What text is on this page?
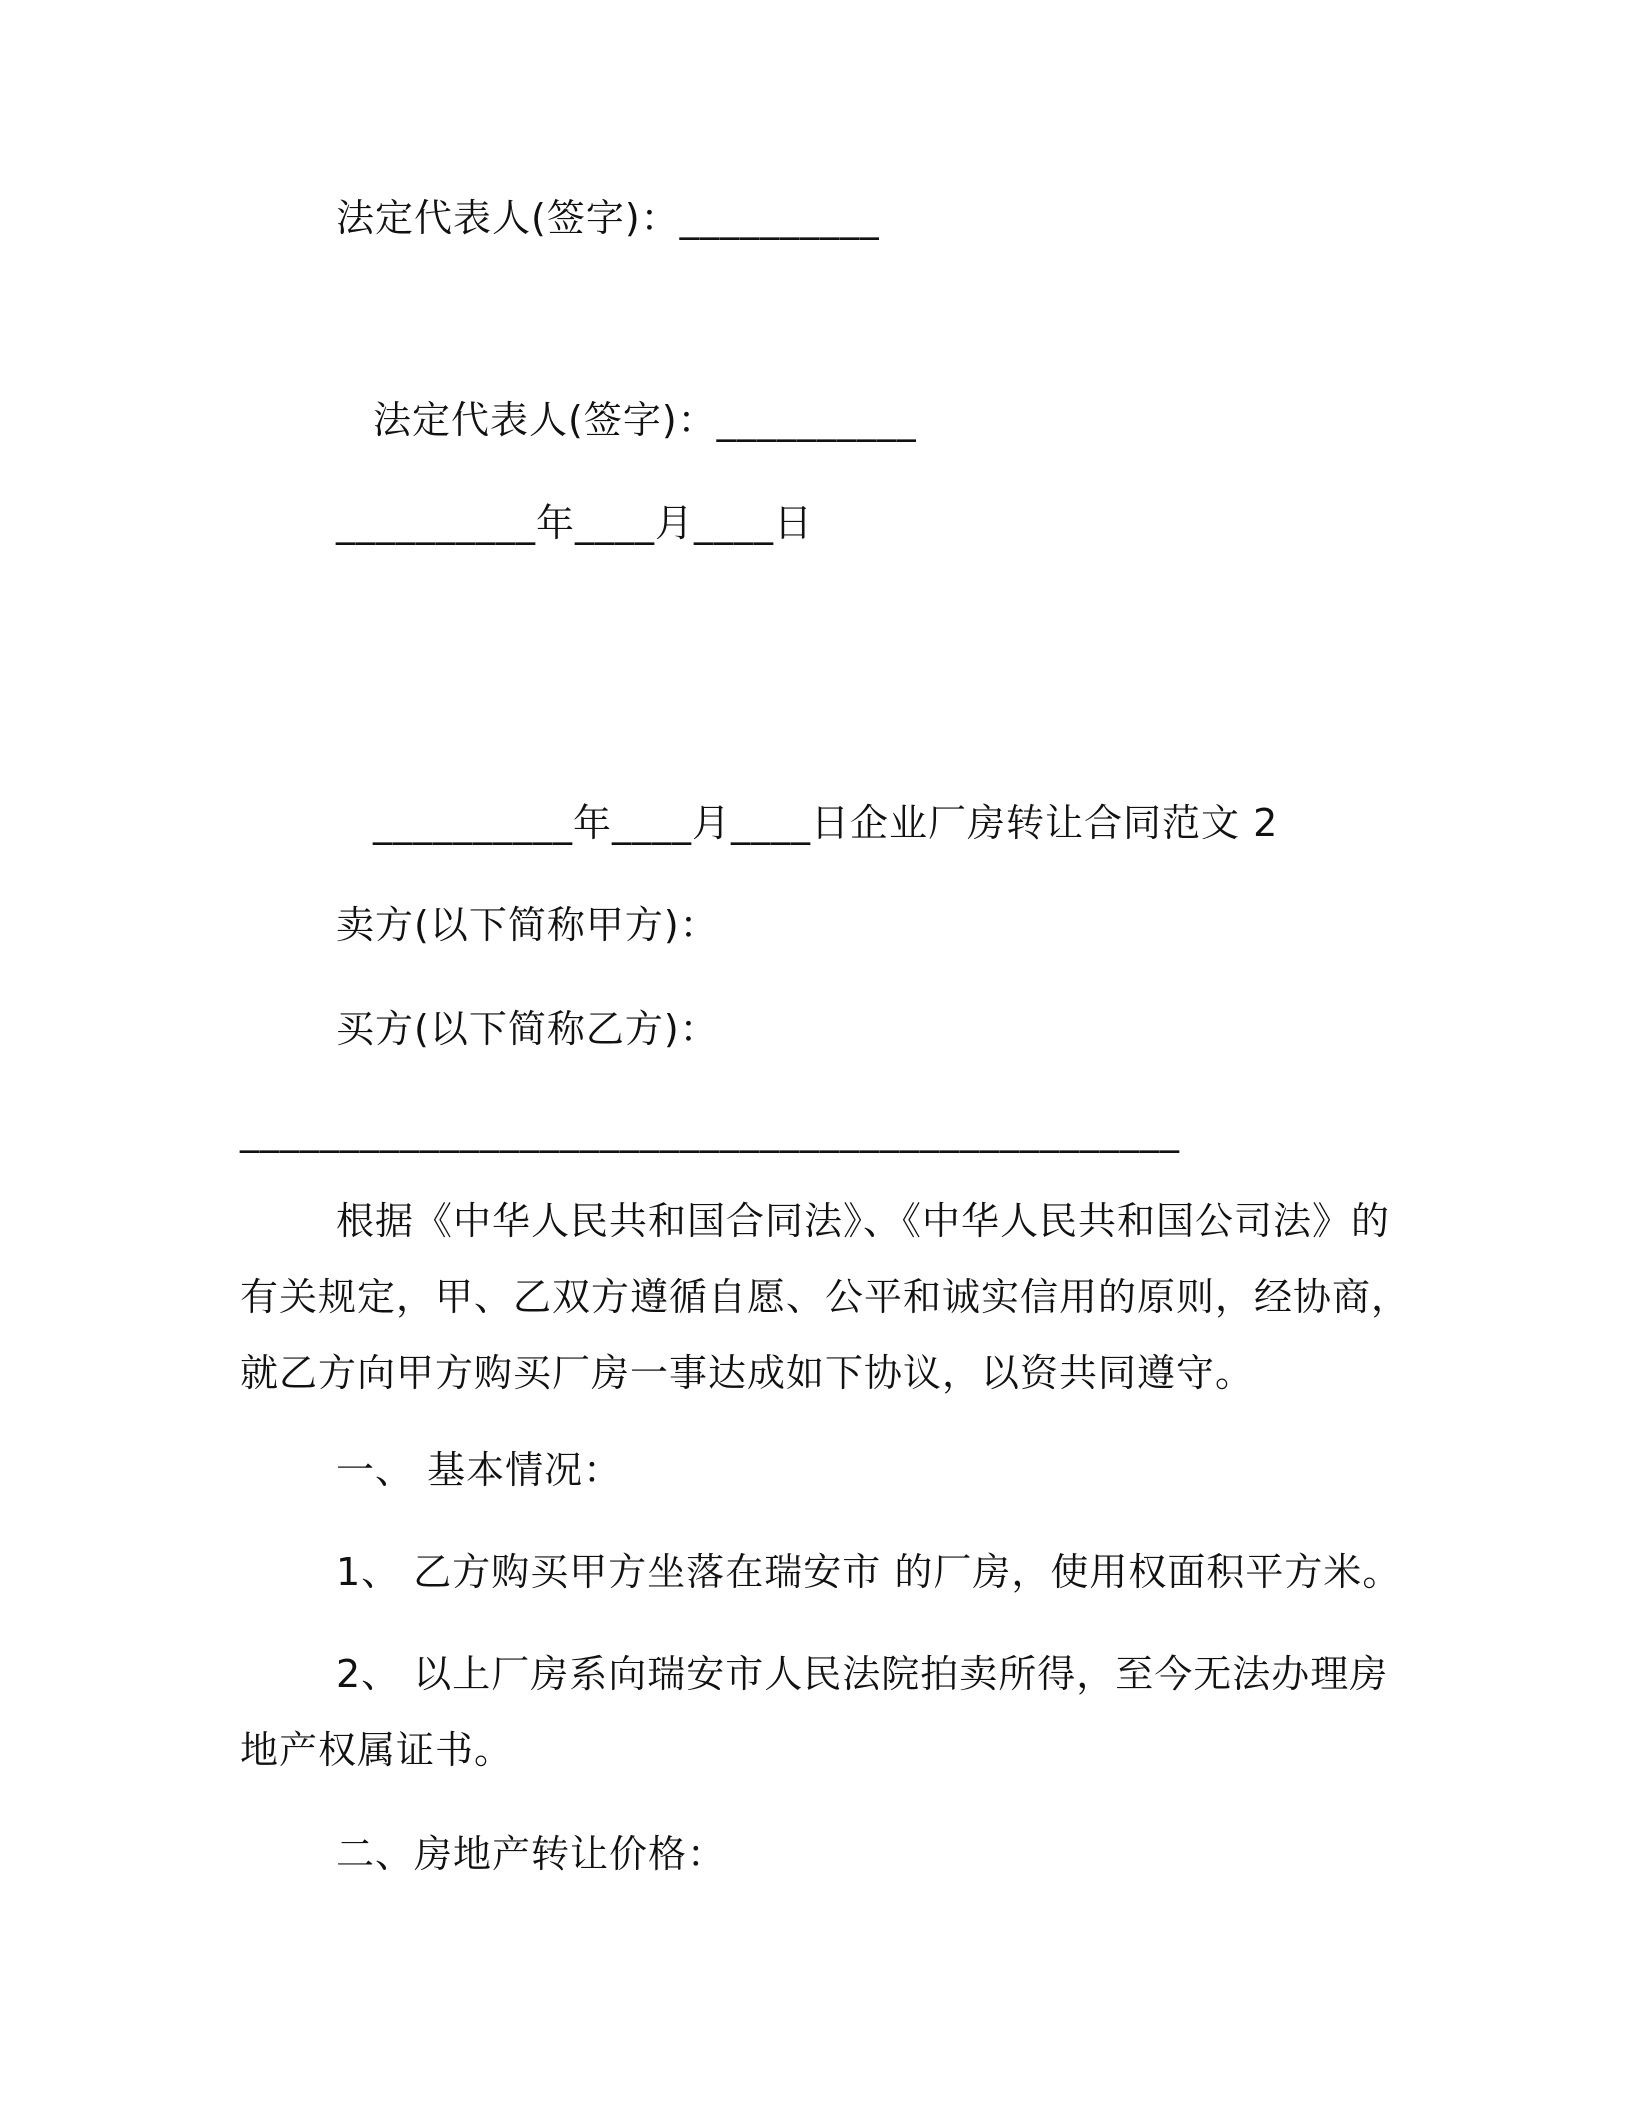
法定代表人(签字)：__________
法定代表人(签字)：__________
__________年____月____日
__________年____月____日企业厂房转让合同范文 2
卖方(以下简称甲方)：
买方(以下简称乙方)：
_______________________________________________
根据《中华人民共和国合同法》、《中华人民共和国公司法》的有关规定，甲、乙双方遵循自愿、公平和诚实信用的原则，经协商，就乙方向甲方购买厂房一事达成如下协议，以资共同遵守。
一、 基本情况：
1、 乙方购买甲方坐落在瑞安市 的厂房，使用权面积平方米。
2、 以上厂房系向瑞安市人民法院拍卖所得，至今无法办理房地产权属证书。
二、房地产转让价格：
